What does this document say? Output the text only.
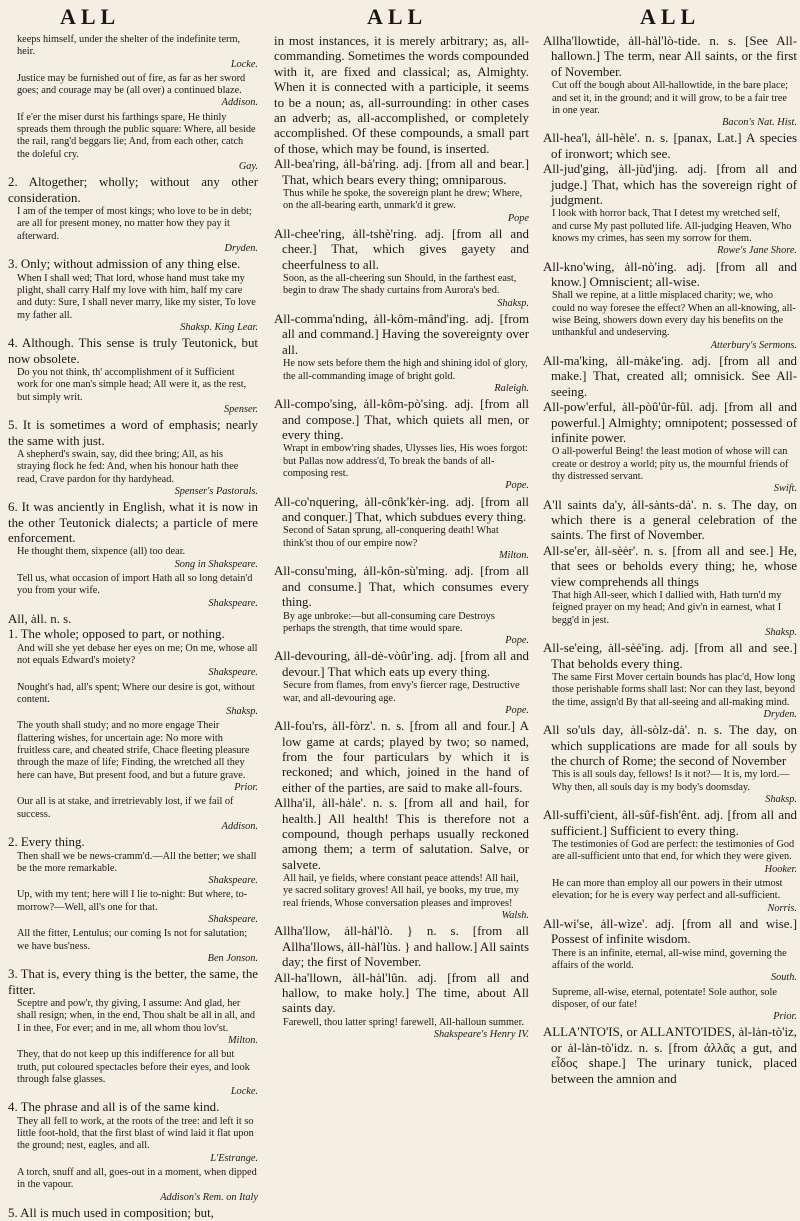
ALL	ALL	ALL

keeps himself, under the shelter of the indefinite term, heir.

Locke.

Justice may be furnished out of fire, as far as her sword goes; and courage may be (all over) a continued blaze.

Addison.

If e'er the miser durst his farthings spare, He thinly spreads them through the public square: Where, all beside the rail, rang'd beggars lie; And, from each other, catch the doleful cry.

Gay.

2. Altogether; wholly; without any other consideration.

I am of the temper of most kings; who love to be in debt; are all for present money, no matter how they pay it afterward.

Dryden.

3. Only; without admission of any thing else.

When I shall wed; That lord, whose hand must take my plight, shall carry Half my love with him, half my care and duty: Sure, I shall never marry, like my sister, To love my father all.

Shaksp. King Lear.

4. Although. This sense is truly Teutonick, but now obsolete.

Do you not think, th' accomplishment of it Sufficient work for one man's simple head; All were it, as the rest, but simply writ.

Spenser.

5. It is sometimes a word of emphasis; nearly the same with just.

A shepherd's swain, say, did thee bring; All, as his straying flock he fed: And, when his honour hath thee read, Crave pardon for thy hardyhead.

Spenser's Pastorals.

6. It was anciently in English, what it is now in the other Teutonick dialects; a particle of mere enforcement.

He thought them, sixpence (all) too dear.

Song in Shakspeare.

Tell us, what occasion of import Hath all so long detain'd you from your wife.

Shakspeare.

All, ȧll. n. s.

1. The whole; opposed to part, or nothing.

And will she yet debase her eyes on me; On me, whose all not equals Edward's moiety?

Shakspeare.

Nought's had, all's spent; Where our desire is got, without content.

Shaksp.

The youth shall study; and no more engage Their flattering wishes, for uncertain age: No more with fruitless care, and cheated strife, Chace fleeting pleasure through the maze of life; Finding, the wretched all they here can have, But present food, and but a future grave.

Prior.

Our all is at stake, and irretrievably lost, if we fail of success.

Addison.

2. Every thing.

Then shall we be news-cramm'd.—All the better; we shall be the more remarkable.

Shakspeare.

Up, with my tent; here will I lie to-night: But where, to-morrow?—Well, all's one for that.

Shakspeare.

All the fitter, Lentulus; our coming Is not for salutation; we have bus'ness.

Ben Jonson.

3. That is, every thing is the better, the same, the fitter.

Sceptre and pow'r, thy giving, I assume: And glad, her shall resign; when, in the end, Thou shalt be all in all, and I in thee, For ever; and in me, all whom thou lov'st.

Milton.

They, that do not keep up this indifference for all but truth, put coloured spectacles before their eyes, and look through false glasses.

Locke.

4. The phrase and all is of the same kind.

They all fell to work, at the roots of the tree: and left it so little foot-hold, that the first blast of wind laid it flat upon the ground; nest, eagles, and all.

L'Estrange.

A torch, snuff and all, goes-out in a moment, when dipped in the vapour.

Addison's Rem. on Italy

5. All is much used in composition; but,

in most instances, it is merely arbitrary; as, all-commanding. Sometimes the words compounded with it, are fixed and classical; as, Almighty. When it is connected with a participle, it seems to be a noun; as, all-surrounding: in other cases an adverb; as, all-accomplished, or completely accomplished. Of these compounds, a small part of those, which may be found, is inserted.

All-bea'ring, ȧll-bȧ'ring. adj. [from all and bear.] That, which bears every thing; omniparous.

Thus while he spoke, the sovereign plant he drew; Where, on the all-bearing earth, unmark'd it grew.

Pope

All-chee'ring, ȧll-tshè'ring. adj. [from all and cheer.] That, which gives gayety and cheerfulness to all.

Soon, as the all-cheering sun Should, in the farthest east, begin to draw The shady curtains from Aurora's bed.

Shaksp.

All-comma'nding, ȧll-kôm-mând'ing. adj. [from all and command.] Having the sovereignty over all.

He now sets before them the high and shining idol of glory, the all-commanding image of bright gold.

Raleigh.

All-compo'sing, ȧll-kôm-pò'sing. adj. [from all and compose.] That, which quiets all men, or every thing.

Wrapt in embow'ring shades, Ulysses lies, His woes forgot: but Pallas now address'd, To break the bands of all-composing rest.

Pope.

All-co'nquering, ȧll-cônk'kėr-ing. adj. [from all and conquer.] That, which subdues every thing.

Second of Satan sprung, all-conquering death! What think'st thou of our empire now?

Milton.

All-consu'ming, ȧll-kôn-sù'ming. adj. [from all and consume.] That, which consumes every thing.

By age unbroke:—but all-consuming care Destroys perhaps the strength, that time would spare.

Pope.

All-devouring, ȧll-dė-vòûr'ing. adj. [from all and devour.] That which eats up every thing.

Secure from flames, from envy's fiercer rage, Destructive war, and all-devouring age.

Pope.

All-fou'rs, ȧll-fòrz'. n. s. [from all and four.] A low game at cards; played by two; so named, from the four particulars by which it is reckoned; and which, joined in the hand of either of the parties, are said to make all-fours.

Allha'il, ȧll-hȧle'. n. s. [from all and hail, for health.] All health! This is therefore not a compound, though perhaps usually reckoned among them; a term of salutation. Salve, or salvete.

All hail, ye fields, where constant peace attends! All hail, ye sacred solitary groves! All hail, ye books, my true, my real friends, Whose conversation pleases and improves!

Walsh.

Allha'llow, ȧll-hȧl'lò. } n. s. [from all Allha'llows, ȧll-hȧl'lùs. } and hallow.] All saints day; the first of November.

All-ha'llown, ȧll-hȧl'lûn. adj. [from all and hallow, to make holy.] The time, about All saints day.

Farewell, thou latter spring! farewell, All-halloun summer.

Shakspeare's Henry IV.

Allha'llowtide, ȧll-hȧl'lò-tide. n. s. [See All-hallown.] The term, near All saints, or the first of November.

Cut off the bough about All-hallowtide, in the bare place; and set it, in the ground; and it will grow, to be a fair tree in one year.

Bacon's Nat. Hist.

All-hea'l, ȧll-hèle'. n. s. [panax, Lat.] A species of ironwort; which see.

All-jud'ging, ȧll-jùd'jing. adj. [from all and judge.] That, which has the sovereign right of judgment.

I look with horror back, That I detest my wretched self, and curse My past polluted life. All-judging Heaven, Who knows my crimes, has seen my sorrow for them.

Rowe's Jane Shore.

All-kno'wing, ȧll-nò'ing. adj. [from all and know.] Omniscient; all-wise.

Shall we repine, at a little misplaced charity; we, who could no way foresee the effect? When an all-knowing, all-wise Being, showers down every day his benefits on the unthankful and undeserving.

Atterbury's Sermons.

All-ma'king, ȧll-mȧke'ing. adj. [from all and make.] That, created all; omnisick. See All-seeing.

All-pow'erful, ȧll-pòû'ûr-fûl. adj. [from all and powerful.] Almighty; omnipotent; possessed of infinite power.

O all-powerful Being! the least motion of whose will can create or destroy a world; pity us, the mournful friends of thy distressed servant.

Swift.

A'll saints da'y, ȧll-sȧnts-dȧ'. n. s. The day, on which there is a general celebration of the saints. The first of November.

All-se'er, ȧll-sèėr'. n. s. [from all and see.] He, that sees or beholds every thing; he, whose view comprehends all things

That high All-seer, which I dallied with, Hath turn'd my feigned prayer on my head; And giv'n in earnest, what I begg'd in jest.

Shaksp.

All-se'eing, ȧll-sèė'ing. adj. [from all and see.] That beholds every thing.

The same First Mover certain bounds has plac'd, How long those perishable forms shall last: Nor can they last, beyond the time, assign'd By that all-seeing and all-making mind.

Dryden.

All so'uls day, ȧll-sòlz-dȧ'. n. s. The day, on which supplications are made for all souls by the church of Rome; the second of November

This is all souls day, fellows! Is it not?— It is, my lord.— Why then, all souls day is my body's doomsday.

Shaksp.

All-suffi'cient, ȧll-sûf-fish'ênt. adj. [from all and sufficient.] Sufficient to every thing.

The testimonies of God are perfect: the testimonies of God are all-sufficient unto that end, for which they were given.

Hooker.

He can more than employ all our powers in their utmost elevation; for he is every way perfect and all-sufficient.

Norris.

All-wi'se, ȧll-wìze'. adj. [from all and wise.] Possest of infinite wisdom.

There is an infinite, eternal, all-wise mind, governing the affairs of the world.

South.

Supreme, all-wise, eternal, potentate! Sole author, sole disposer, of our fate!

Prior.

ALLA'NTO'IS, or ALLANTO'IDES, ȧl-lȧn-tò'iz, or ȧl-lȧn-tò'idz. n. s. [from ἀλλᾶς a gut, and εἶδος shape.] The urinary tunick, placed between the amnion and
